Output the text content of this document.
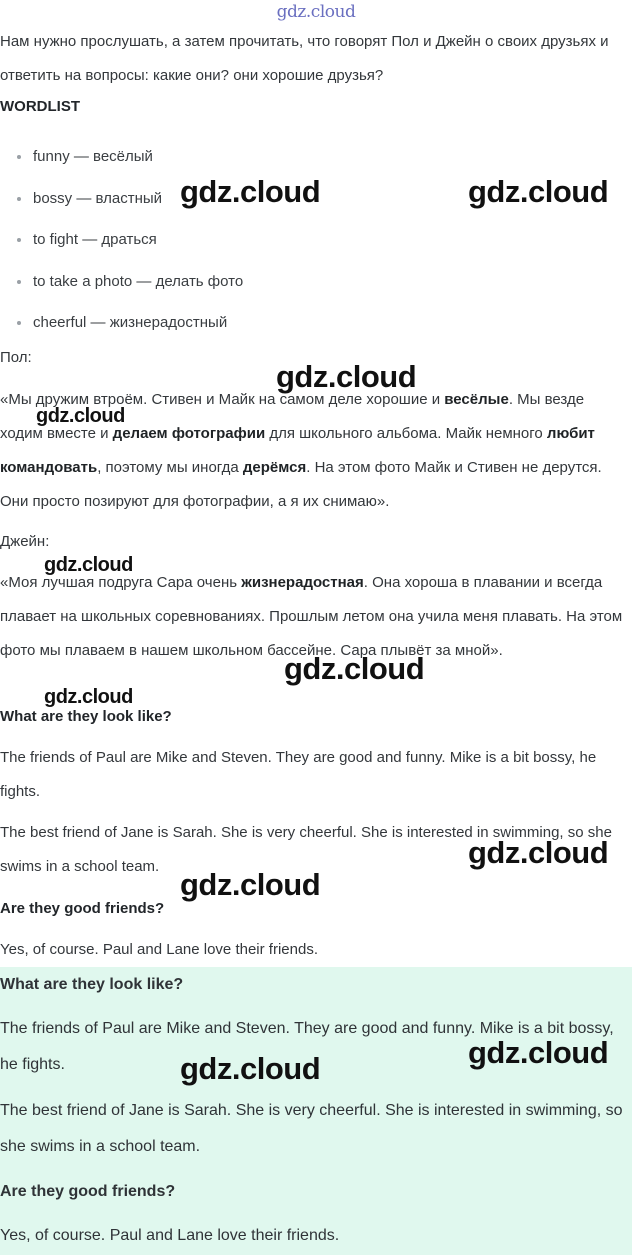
gdz.cloud

Нам нужно прослушать, а затем прочитать, что говорят Пол и Джейн о своих друзьях и ответить на вопросы: какие они? они хорошие друзья?

WORDLIST

funny — весёлый
bossy — властный
to fight — драться
to take a photo — делать фото
cheerful — жизнерадостный

Пол:

«Мы дружим втроём. Стивен и Майк на самом деле хорошие и весёлые. Мы везде ходим вместе и делаем фотографии для школьного альбома. Майк немного любит командовать, поэтому мы иногда дерёмся. На этом фото Майк и Стивен не дерутся. Они просто позируют для фотографии, а я их снимаю».

Джейн:

«Моя лучшая подруга Сара очень жизнерадостная. Она хороша в плавании и всегда плавает на школьных соревнованиях. Прошлым летом она учила меня плавать. На этом фото мы плаваем в нашем школьном бассейне. Сара плывёт за мной».

What are they look like?

The friends of Paul are Mike and Steven. They are good and funny. Mike is a bit bossy, he fights.

The best friend of Jane is Sarah. She is very cheerful. She is interested in swimming, so she swims in a school team.

Are they good friends?

Yes, of course. Paul and Lane love their friends.

What are they look like?

The friends of Paul are Mike and Steven. They are good and funny. Mike is a bit bossy, he fights.

The best friend of Jane is Sarah. She is very cheerful. She is interested in swimming, so she swims in a school team.

Are they good friends?

Yes, of course. Paul and Lane love their friends.

gdz.cloud	gdz.cloud
gdz.cloud
gdz.cloud
gdz.cloud
gdz.cloud
gdz.cloud
gdz.cloud
gdz.cloud
gdz.cloud
gdz.cloud
